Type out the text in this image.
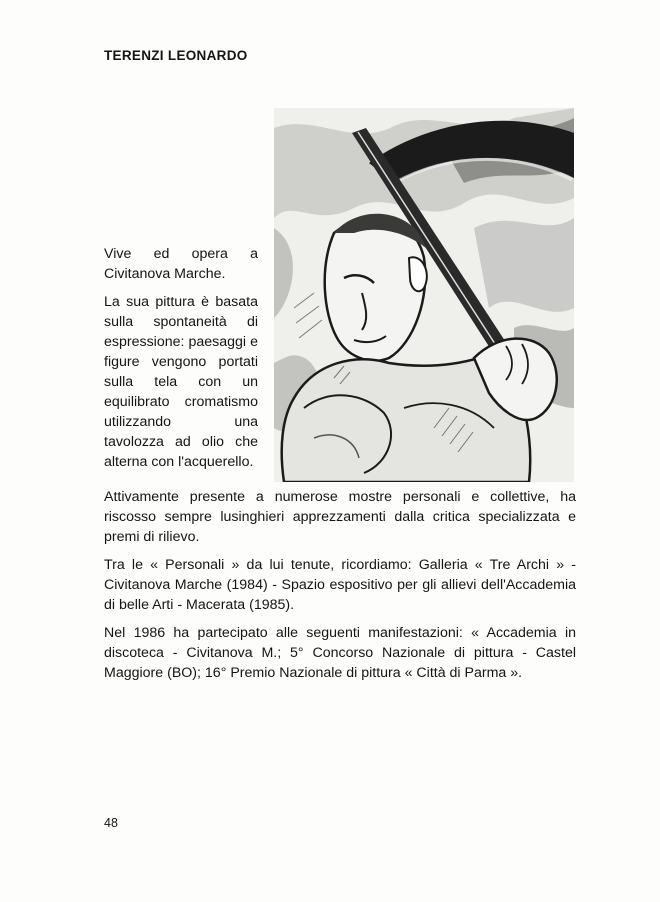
TERENZI LEONARDO

Vive ed opera a Civitanova Marche.

La sua pittura è basata sulla spontaneità di espressione: paesaggi e figure vengono portati sulla tela con un equilibrato cromatismo utilizzando una tavolozza ad olio che alterna con l'acquerello.

Attivamente presente a numerose mostre personali e collettive, ha riscosso sempre lusinghieri apprezzamenti dalla critica specializzata e premi di rilievo.

Tra le « Personali » da lui tenute, ricordiamo: Galleria « Tre Archi » - Civitanova Marche (1984) - Spazio espositivo per gli allievi dell'Accademia di belle Arti - Macerata (1985).

Nel 1986 ha partecipato alle seguenti manifestazioni: « Accademia in discoteca - Civitanova M.; 5° Concorso Nazionale di pittura - Castel Maggiore (BO); 16° Premio Nazionale di pittura « Città di Parma ».

48
